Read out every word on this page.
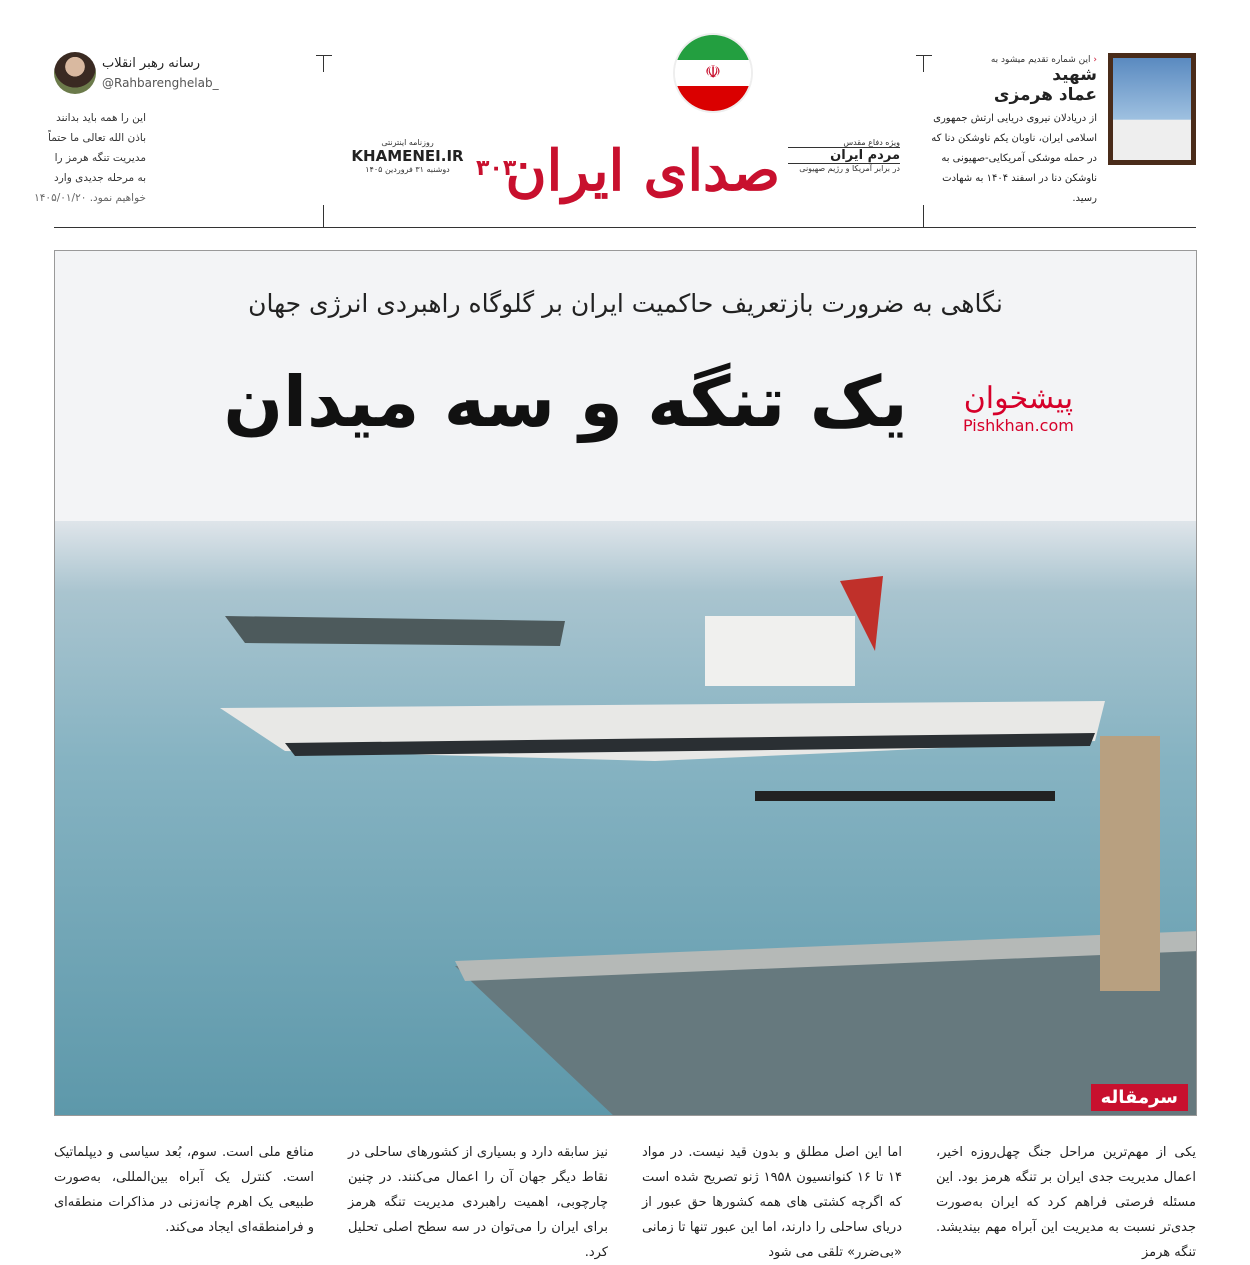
رسانه رهبر انقلاب
@Rahbarenghelab_
این را همه باید بدانند
باذن الله تعالی ما حتماً
مدیریت تنگه هرمز را
به مرحله جدیدی وارد
خواهیم نمود. ۱۴۰۵/۰۱/۲۰
☫
صدای ایران
۳۰۳
روزنامه اینترنتی
KHAMENEI.IR
دوشنبه ۳۱ فروردین ۱۴۰۵
ویژه دفاع مقدس
مردم ایران
در برابر آمریکا و رژیم صهیونی
‹ این شماره تقدیم میشود به
شهید
عماد هرمزی
از دریادلان نیروی دریایی ارتش جمهوری اسلامی ایران، ناوبان یکم ناوشکن دنا که در حمله موشکی آمریکایی-صهیونی به ناوشکن دنا در اسفند ۱۴۰۴ به شهادت رسید.
نگاهی به ضرورت بازتعریف حاکمیت ایران بر گلوگاه راهبردی انرژی جهان
یک تنگه و سه میدان	پیشخوان
Pishkhan.com
سرمقاله
یکی از مهم‌ترین مراحل جنگ چهل‌روزه اخیر، اعمال مدیریت جدی ایران بر تنگه هرمز بود. این مسئله فرصتی فراهم کرد که ایران به‌صورت جدی‌تر نسبت به مدیریت این آبراه مهم بیندیشد. تنگه هرمز
اما این اصل مطلق و بدون قید نیست. در مواد ۱۴ تا ۱۶ کنوانسیون ۱۹۵۸ ژنو تصریح شده است که اگرچه کشتی های همه کشورها حق عبور از دریای ساحلی را دارند، اما این عبور تنها تا زمانی «بی‌ضرر» تلقی می شود
نیز سابقه دارد و بسیاری از کشورهای ساحلی در نقاط دیگر جهان آن را اعمال می‌کنند. در چنین چارچوبی، اهمیت راهبردی مدیریت تنگه هرمز برای ایران را می‌توان در سه سطح اصلی تحلیل کرد.
منافع ملی است. سوم، بُعد سیاسی و دیپلماتیک است. کنترل یک آبراه بین‌المللی، به‌صورت طبیعی یک اهرم چانه‌زنی در مذاکرات منطقه‌ای و فرامنطقه‌ای ایجاد می‌کند.
